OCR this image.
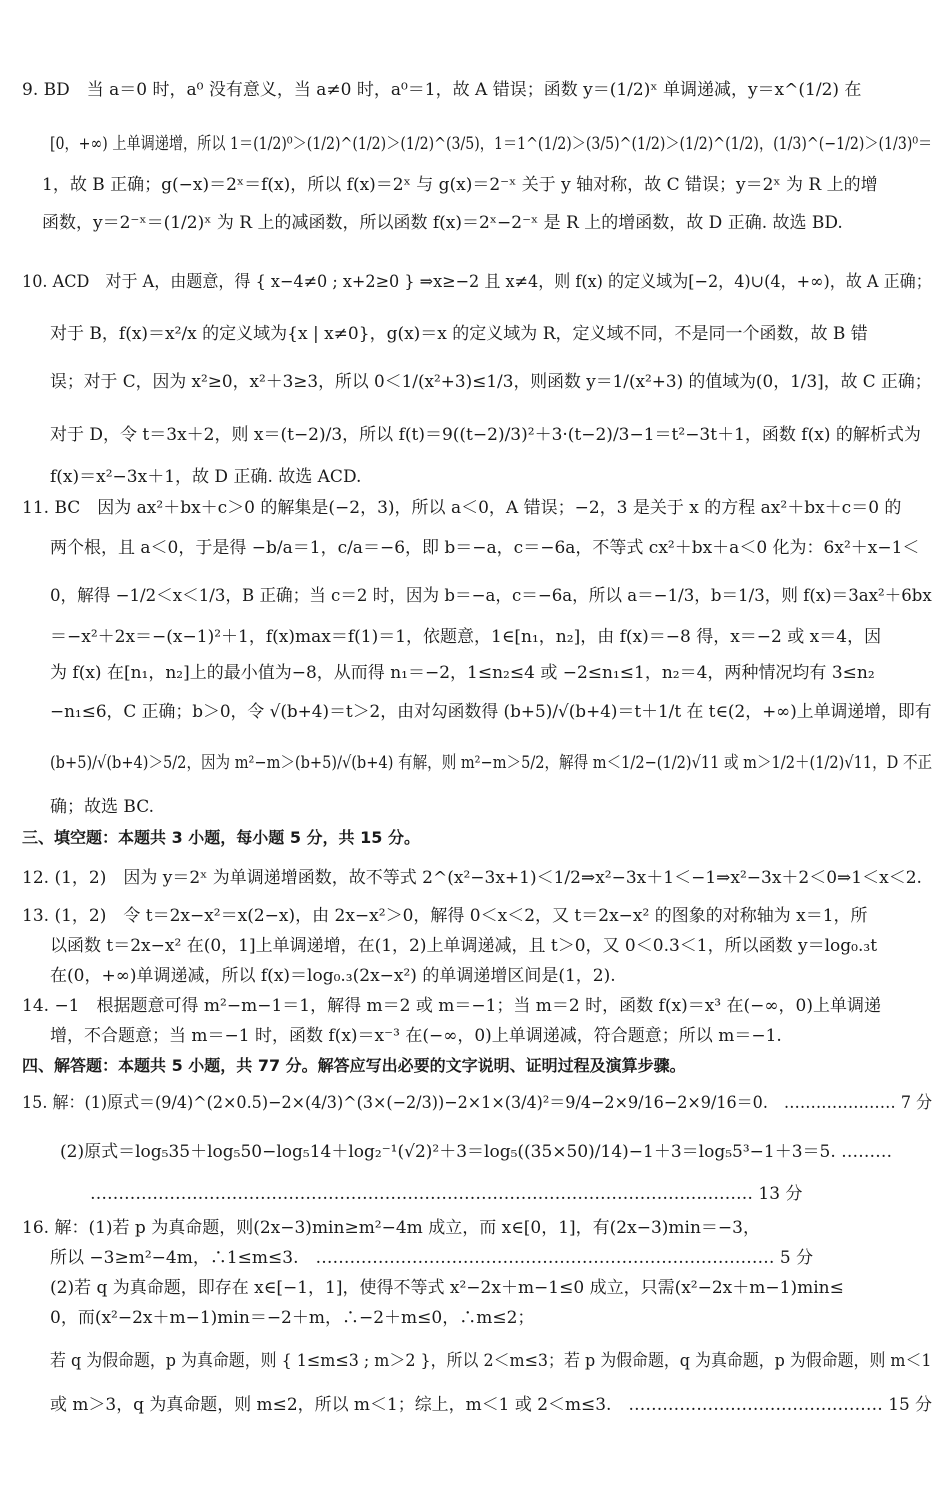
9. BD　当 a＝0 时，a⁰ 没有意义，当 a≠0 时，a⁰＝1，故 A 错误；函数 y＝(1/2)ˣ 单调递减，y＝x^(1/2) 在
[0，+∞) 上单调递增，所以 1＝(1/2)⁰＞(1/2)^(1/2)＞(1/2)^(3/5)，1＝1^(1/2)＞(3/5)^(1/2)＞(1/2)^(1/2)，(1/3)^(−1/2)＞(1/3)⁰＝
1，故 B 正确；g(−x)＝2ˣ＝f(x)，所以 f(x)＝2ˣ 与 g(x)＝2⁻ˣ 关于 y 轴对称，故 C 错误；y＝2ˣ 为 R 上的增
函数，y＝2⁻ˣ＝(1/2)ˣ 为 R 上的减函数，所以函数 f(x)＝2ˣ−2⁻ˣ 是 R 上的增函数，故 D 正确. 故选 BD.
10. ACD　对于 A，由题意，得 { x−4≠0 ; x+2≥0 } ⇒x≥−2 且 x≠4，则 f(x) 的定义域为[−2，4)∪(4，+∞)，故 A 正确；
对于 B，f(x)＝x²/x 的定义域为{x | x≠0}，g(x)＝x 的定义域为 R，定义域不同，不是同一个函数，故 B 错
误；对于 C，因为 x²≥0，x²＋3≥3，所以 0＜1/(x²+3)≤1/3，则函数 y＝1/(x²+3) 的值域为(0，1/3]，故 C 正确；
对于 D，令 t＝3x＋2，则 x＝(t−2)/3，所以 f(t)＝9((t−2)/3)²＋3·(t−2)/3−1＝t²−3t＋1，函数 f(x) 的解析式为
f(x)＝x²−3x＋1，故 D 正确. 故选 ACD.
11. BC　因为 ax²＋bx＋c＞0 的解集是(−2，3)，所以 a＜0，A 错误；−2，3 是关于 x 的方程 ax²＋bx＋c＝0 的
两个根，且 a＜0，于是得 −b/a＝1，c/a＝−6，即 b＝−a，c＝−6a，不等式 cx²＋bx＋a＜0 化为：6x²＋x−1＜
0，解得 −1/2＜x＜1/3，B 正确；当 c＝2 时，因为 b＝−a，c＝−6a，所以 a＝−1/3，b＝1/3，则 f(x)＝3ax²＋6bx
＝−x²＋2x＝−(x−1)²＋1，f(x)max＝f(1)＝1，依题意，1∈[n₁，n₂]，由 f(x)＝−8 得，x＝−2 或 x＝4，因
为 f(x) 在[n₁，n₂]上的最小值为−8，从而得 n₁＝−2，1≤n₂≤4 或 −2≤n₁≤1，n₂＝4，两种情况均有 3≤n₂
−n₁≤6，C 正确；b＞0，令 √(b+4)＝t＞2，由对勾函数得 (b+5)/√(b+4)＝t＋1/t 在 t∈(2，+∞)上单调递增，即有
(b+5)/√(b+4)＞5/2，因为 m²−m＞(b+5)/√(b+4) 有解，则 m²−m＞5/2，解得 m＜1/2−(1/2)√11 或 m＞1/2＋(1/2)√11，D 不正
确；故选 BC.
三、填空题：本题共 3 小题，每小题 5 分，共 15 分。
12. (1，2)　因为 y＝2ˣ 为单调递增函数，故不等式 2^(x²−3x+1)＜1/2⇒x²−3x＋1＜−1⇒x²−3x＋2＜0⇒1＜x＜2.
13. (1，2)　令 t＝2x−x²＝x(2−x)，由 2x−x²＞0，解得 0＜x＜2，又 t＝2x−x² 的图象的对称轴为 x＝1，所
以函数 t＝2x−x² 在(0，1]上单调递增，在(1，2)上单调递减，且 t＞0，又 0＜0.3＜1，所以函数 y＝log₀.₃t
在(0，+∞)单调递减，所以 f(x)＝log₀.₃(2x−x²) 的单调递增区间是(1，2).
14. −1　根据题意可得 m²−m−1＝1，解得 m＝2 或 m＝−1；当 m＝2 时，函数 f(x)＝x³ 在(−∞，0)上单调递
增，不合题意；当 m＝−1 时，函数 f(x)＝x⁻³ 在(−∞，0)上单调递减，符合题意；所以 m＝−1.
四、解答题：本题共 5 小题，共 77 分。解答应写出必要的文字说明、证明过程及演算步骤。
15. 解：(1)原式＝(9/4)^(2×0.5)−2×(4/3)^(3×(−2/3))−2×1×(3/4)²＝9/4−2×9/16−2×9/16＝0.　………………… 7 分
(2)原式＝log₅35＋log₅50−log₅14＋log₂⁻¹(√2)²＋3＝log₅((35×50)/14)−1＋3＝log₅5³−1＋3＝5. ………
……………………………………………………………………………………………………… 13 分
16. 解：(1)若 p 为真命题，则(2x−3)min≥m²−4m 成立，而 x∈[0，1]，有(2x−3)min＝−3，
所以 −3≥m²−4m，∴1≤m≤3.　……………………………………………………………………… 5 分
(2)若 q 为真命题，即存在 x∈[−1，1]，使得不等式 x²−2x＋m−1≤0 成立，只需(x²−2x＋m−1)min≤
0，而(x²−2x＋m−1)min＝−2＋m，∴−2＋m≤0，∴m≤2；
若 q 为假命题，p 为真命题，则 { 1≤m≤3 ; m＞2 }，所以 2＜m≤3；若 p 为假命题，q 为真命题，p 为假命题，则 m＜1
或 m＞3，q 为真命题，则 m≤2，所以 m＜1；综上，m＜1 或 2＜m≤3.　……………………………………… 15 分
